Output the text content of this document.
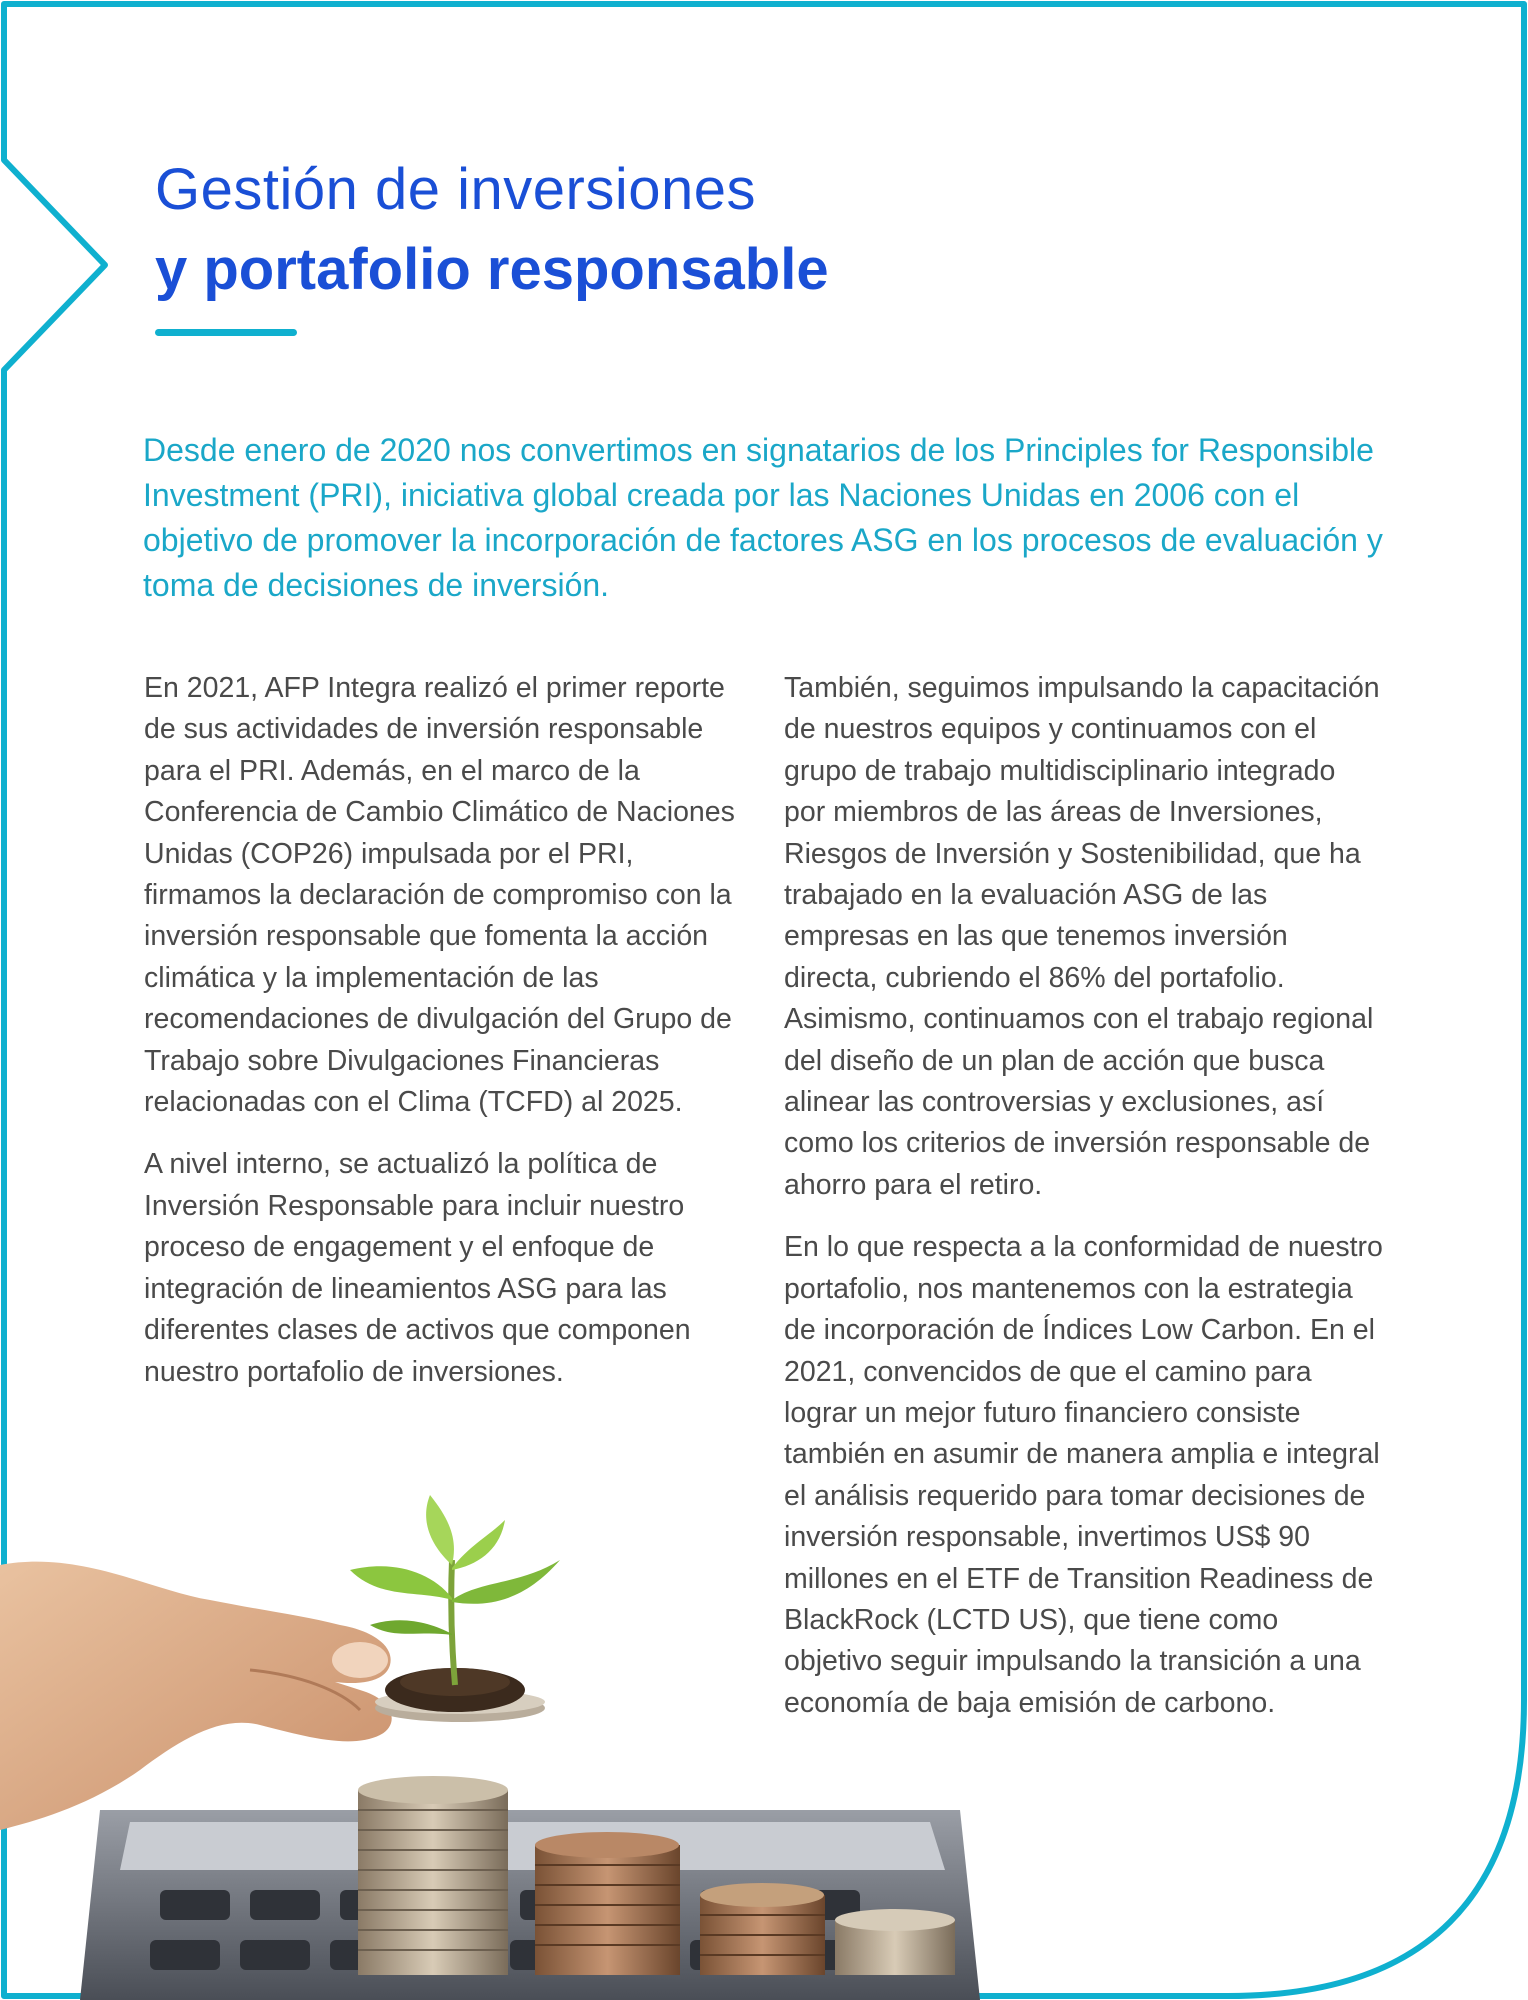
Gestión de inversiones
y portafolio responsable

Desde enero de 2020 nos convertimos en signatarios de los Principles for Responsible Investment (PRI), iniciativa global creada por las Naciones Unidas en 2006 con el objetivo de promover la incorporación de factores ASG en los procesos de evaluación y toma de decisiones de inversión.

En 2021, AFP Integra realizó el primer reporte de sus actividades de inversión responsable para el PRI. Además, en el marco de la Conferencia de Cambio Climático de Naciones Unidas (COP26) impulsada por el PRI, firmamos la declaración de compromiso con la inversión responsable que fomenta la acción climática y la implementación de las recomendaciones de divulgación del Grupo de Trabajo sobre Divulgaciones Financieras relacionadas con el Clima (TCFD) al 2025.

A nivel interno, se actualizó la política de Inversión Responsable para incluir nuestro proceso de engagement y el enfoque de integración de lineamientos ASG para las diferentes clases de activos que componen nuestro portafolio de inversiones.

También, seguimos impulsando la capacitación de nuestros equipos y continuamos con el grupo de trabajo multidisciplinario integrado por miembros de las áreas de Inversiones, Riesgos de Inversión y Sostenibilidad, que ha trabajado en la evaluación ASG de las empresas en las que tenemos inversión directa, cubriendo el 86% del portafolio. Asimismo, continuamos con el trabajo regional del diseño de un plan de acción que busca alinear las controversias y exclusiones, así como los criterios de inversión responsable de ahorro para el retiro.

En lo que respecta a la conformidad de nuestro portafolio, nos mantenemos con la estrategia de incorporación de Índices Low Carbon. En el 2021, convencidos de que el camino para lograr un mejor futuro financiero consiste también en asumir de manera amplia e integral el análisis requerido para tomar decisiones de inversión responsable, invertimos US$ 90 millones en el ETF de Transition Readiness de BlackRock (LCTD US), que tiene como objetivo seguir impulsando la transición a una economía de baja emisión de carbono.
